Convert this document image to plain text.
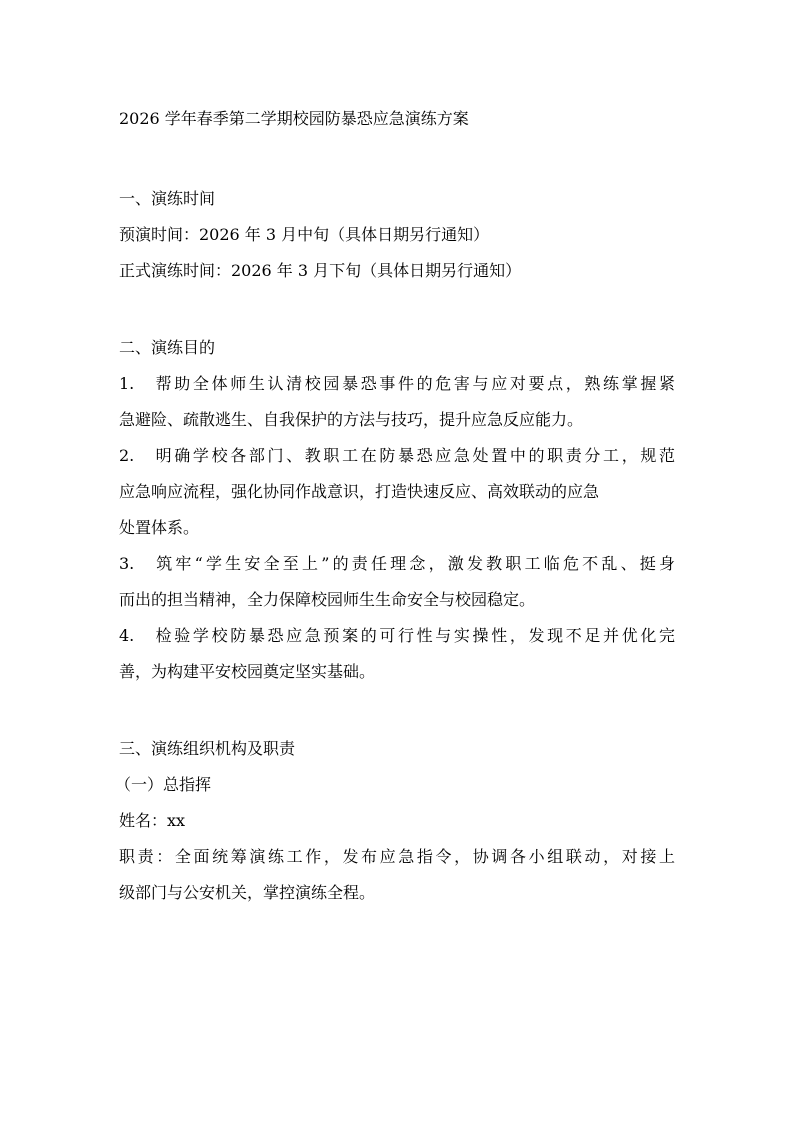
2026 学年春季第二学期校园防暴恐应急演练方案

一、演练时间

预演时间：2026 年 3 月中旬（具体日期另行通知）

正式演练时间：2026 年 3 月下旬（具体日期另行通知）

二、演练目的

1. 帮助全体师生认清校园暴恐事件的危害与应对要点，熟练掌握紧
急避险、疏散逃生、自我保护的方法与技巧，提升应急反应能力。
2. 明确学校各部门、教职工在防暴恐应急处置中的职责分工，规范
应急响应流程，强化协同作战意识，打造快速反应、高效联动的应急
处置体系。
3. 筑牢“学生安全至上”的责任理念，激发教职工临危不乱、挺身
而出的担当精神，全力保障校园师生生命安全与校园稳定。
4. 检验学校防暴恐应急预案的可行性与实操性，发现不足并优化完
善，为构建平安校园奠定坚实基础。

三、演练组织机构及职责

（一）总指挥

姓名：xx

职责：全面统筹演练工作，发布应急指令，协调各小组联动，对接上
级部门与公安机关，掌控演练全程。
